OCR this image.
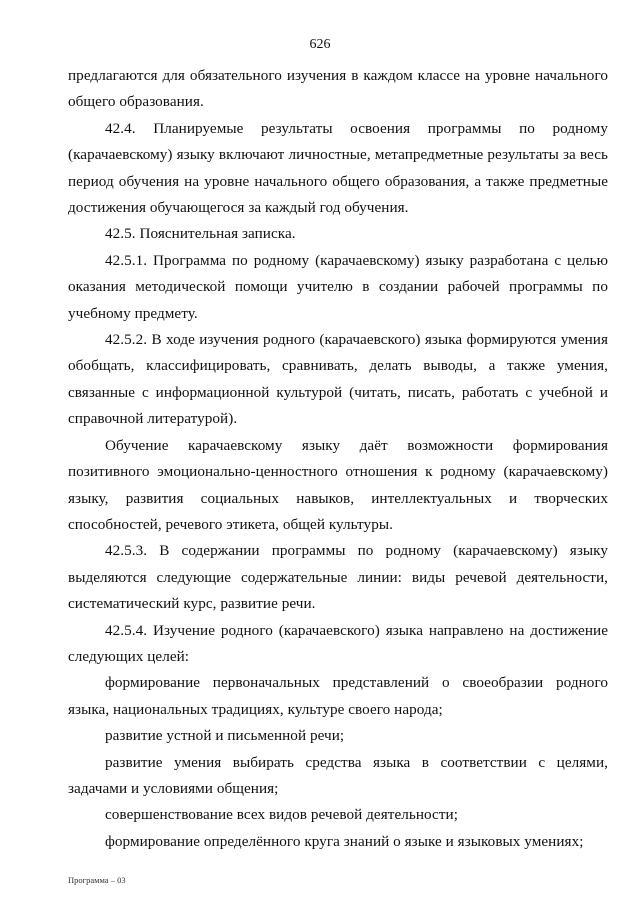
626

предлагаются для обязательного изучения в каждом классе на уровне начального общего образования.

42.4. Планируемые результаты освоения программы по родному (карачаевскому) языку включают личностные, метапредметные результаты за весь период обучения на уровне начального общего образования, а также предметные достижения обучающегося за каждый год обучения.

42.5. Пояснительная записка.

42.5.1. Программа по родному (карачаевскому) языку разработана с целью оказания методической помощи учителю в создании рабочей программы по учебному предмету.

42.5.2. В ходе изучения родного (карачаевского) языка формируются умения обобщать, классифицировать, сравнивать, делать выводы, а также умения, связанные с информационной культурой (читать, писать, работать с учебной и справочной литературой).

Обучение карачаевскому языку даёт возможности формирования позитивного эмоционально-ценностного отношения к родному (карачаевскому) языку, развития социальных навыков, интеллектуальных и творческих способностей, речевого этикета, общей культуры.

42.5.3. В содержании программы по родному (карачаевскому) языку выделяются следующие содержательные линии: виды речевой деятельности, систематический курс, развитие речи.

42.5.4. Изучение родного (карачаевского) языка направлено на достижение следующих целей:

формирование первоначальных представлений о своеобразии родного языка, национальных традициях, культуре своего народа;

развитие устной и письменной речи;

развитие умения выбирать средства языка в соответствии с целями, задачами и условиями общения;

совершенствование всех видов речевой деятельности;

формирование определённого круга знаний о языке и языковых умениях;

Программа – 03
